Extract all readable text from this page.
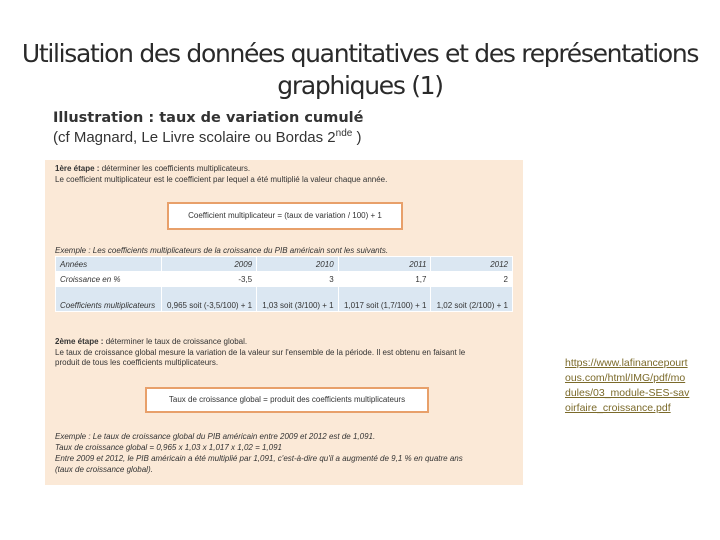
Utilisation des données quantitatives et des représentations graphiques (1)
Illustration : taux de variation cumulé
(cf Magnard, Le Livre scolaire ou Bordas 2nde )
1ère étape : déterminer les coefficients multiplicateurs.
Le coefficient multiplicateur est le coefficient par lequel a été multiplié la valeur chaque année.
Coefficient multiplicateur = (taux de variation / 100) + 1
Exemple : Les coefficients multiplicateurs de la croissance du PIB américain sont les suivants.
Années	2009	2010	2011	2012
Croissance en %	-3,5	3	1,7	2
Coefficients multiplicateurs	0,965 soit (-3,5/100) + 1	1,03 soit (3/100) + 1	1,017 soit (1,7/100) + 1	1,02 soit (2/100) + 1
2ème étape : déterminer le taux de croissance global.
Le taux de croissance global mesure la variation de la valeur sur l'ensemble de la période. Il est obtenu en faisant le
produit de tous les coefficients multiplicateurs.
Taux de croissance global = produit des coefficients multiplicateurs
Exemple : Le taux de croissance global du PIB américain entre 2009 et 2012 est de 1,091.
Taux de croissance global = 0,965 x 1,03 x 1,017 x 1,02 = 1,091
Entre 2009 et 2012, le PIB américain a été multiplié par 1,091, c'est-à-dire qu'il a augmenté de 9,1 % en quatre ans
(taux de croissance global).
https://www.lafinancepourtous.com/html/IMG/pdf/modules/03_module-SES-savoirfaire_croissance.pdf
